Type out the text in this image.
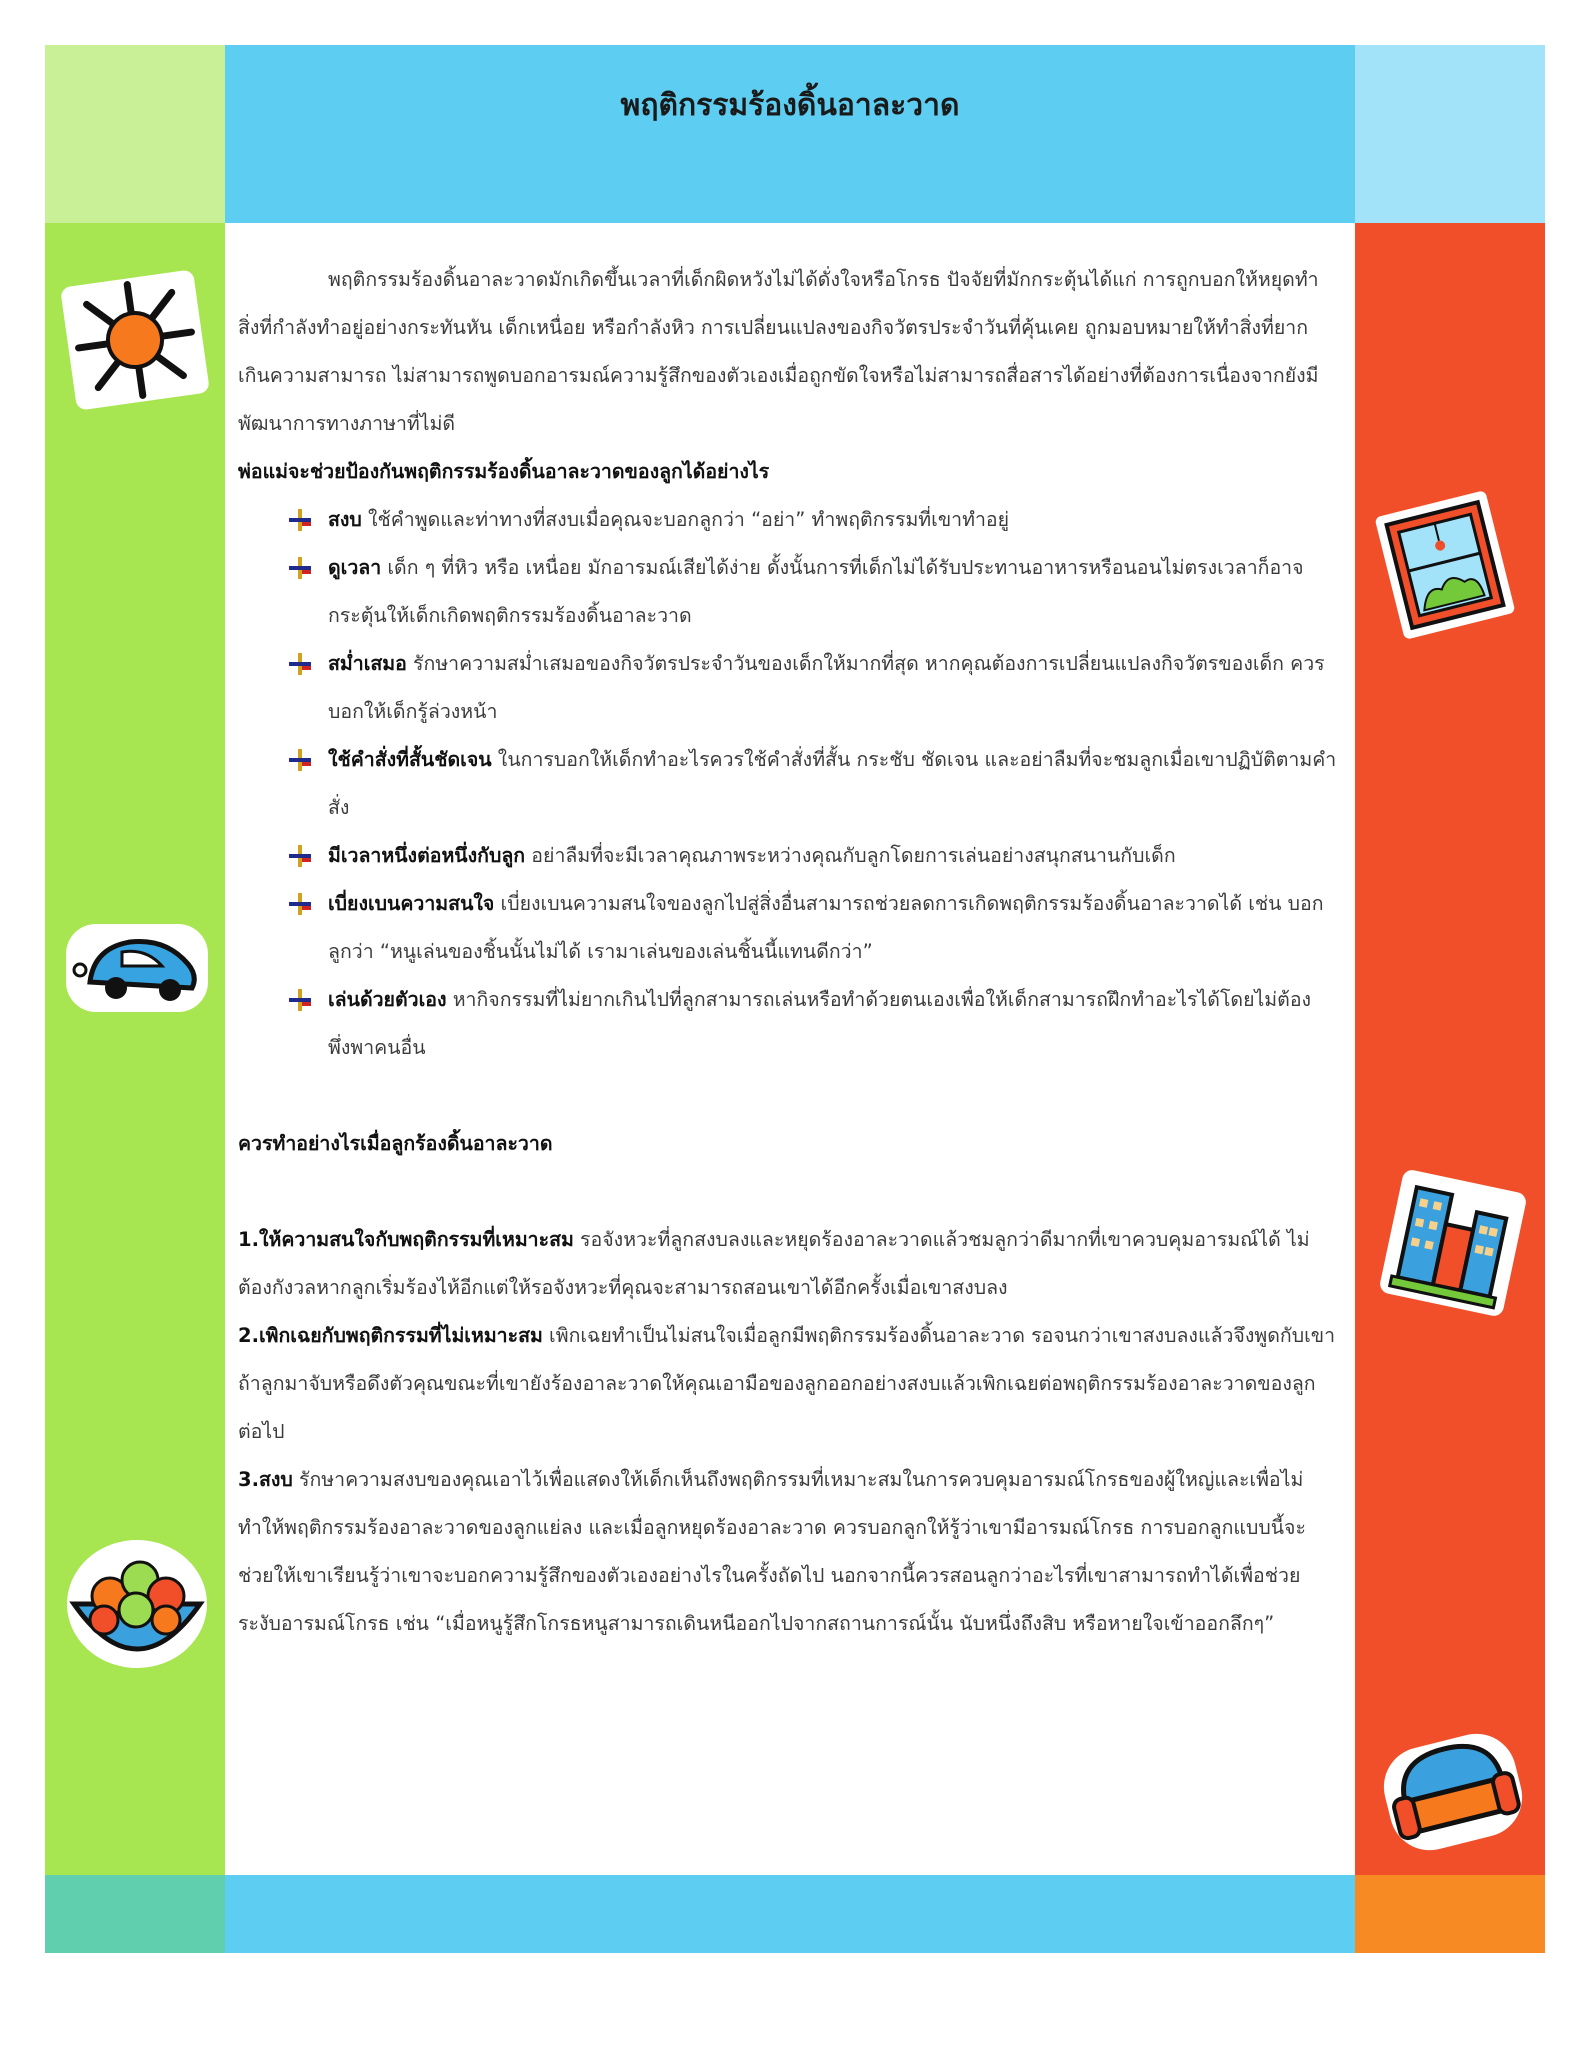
พฤติกรรมร้องดิ้นอาละวาด

พฤติกรรมร้องดิ้นอาละวาดมักเกิดขึ้นเวลาที่เด็กผิดหวังไม่ได้ดั่งใจหรือโกรธ ปัจจัยที่มักกระตุ้นได้แก่ การถูกบอกให้หยุดทำสิ่งที่กำลังทำอยู่อย่างกระทันหัน เด็กเหนื่อย หรือกำลังหิว การเปลี่ยนแปลงของกิจวัตรประจำวันที่คุ้นเคย ถูกมอบหมายให้ทำสิ่งที่ยากเกินความสามารถ ไม่สามารถพูดบอกอารมณ์ความรู้สึกของตัวเองเมื่อถูกขัดใจหรือไม่สามารถสื่อสารได้อย่างที่ต้องการเนื่องจากยังมีพัฒนาการทางภาษาที่ไม่ดี

พ่อแม่จะช่วยป้องกันพฤติกรรมร้องดิ้นอาละวาดของลูกได้อย่างไร

สงบ ใช้คำพูดและท่าทางที่สงบเมื่อคุณจะบอกลูกว่า “อย่า” ทำพฤติกรรมที่เขาทำอยู่
ดูเวลา เด็ก ๆ ที่หิว หรือ เหนื่อย มักอารมณ์เสียได้ง่าย ดั้งนั้นการที่เด็กไม่ได้รับประทานอาหารหรือนอนไม่ตรงเวลาก็อาจกระตุ้นให้เด็กเกิดพฤติกรรมร้องดิ้นอาละวาด
สม่ำเสมอ รักษาความสม่ำเสมอของกิจวัตรประจำวันของเด็กให้มากที่สุด หากคุณต้องการเปลี่ยนแปลงกิจวัตรของเด็ก ควรบอกให้เด็กรู้ล่วงหน้า
ใช้คำสั่งที่สั้นชัดเจน ในการบอกให้เด็กทำอะไรควรใช้คำสั่งที่สั้น กระชับ ชัดเจน และอย่าลืมที่จะชมลูกเมื่อเขาปฏิบัติตามคำสั่ง
มีเวลาหนึ่งต่อหนึ่งกับลูก อย่าลืมที่จะมีเวลาคุณภาพระหว่างคุณกับลูกโดยการเล่นอย่างสนุกสนานกับเด็ก
เบี่ยงเบนความสนใจ เบี่ยงเบนความสนใจของลูกไปสู่สิ่งอื่นสามารถช่วยลดการเกิดพฤติกรรมร้องดิ้นอาละวาดได้ เช่น บอกลูกว่า “หนูเล่นของชิ้นนั้นไม่ได้ เรามาเล่นของเล่นชิ้นนี้แทนดีกว่า”
เล่นด้วยตัวเอง หากิจกรรมที่ไม่ยากเกินไปที่ลูกสามารถเล่นหรือทำด้วยตนเองเพื่อให้เด็กสามารถฝึกทำอะไรได้โดยไม่ต้องพึ่งพาคนอื่น

ควรทำอย่างไรเมื่อลูกร้องดิ้นอาละวาด

1.ให้ความสนใจกับพฤติกรรมที่เหมาะสม รอจังหวะที่ลูกสงบลงและหยุดร้องอาละวาดแล้วชมลูกว่าดีมากที่เขาควบคุมอารมณ์ได้ ไม่ต้องกังวลหากลูกเริ่มร้องไห้อีกแต่ให้รอจังหวะที่คุณจะสามารถสอนเขาได้อีกครั้งเมื่อเขาสงบลง

2.เพิกเฉยกับพฤติกรรมที่ไม่เหมาะสม เพิกเฉยทำเป็นไม่สนใจเมื่อลูกมีพฤติกรรมร้องดิ้นอาละวาด รอจนกว่าเขาสงบลงแล้วจึงพูดกับเขา ถ้าลูกมาจับหรือดึงตัวคุณขณะที่เขายังร้องอาละวาดให้คุณเอามือของลูกออกอย่างสงบแล้วเพิกเฉยต่อพฤติกรรมร้องอาละวาดของลูกต่อไป

3.สงบ รักษาความสงบของคุณเอาไว้เพื่อแสดงให้เด็กเห็นถึงพฤติกรรมที่เหมาะสมในการควบคุมอารมณ์โกรธของผู้ใหญ่และเพื่อไม่ทำให้พฤติกรรมร้องอาละวาดของลูกแย่ลง และเมื่อลูกหยุดร้องอาละวาด ควรบอกลูกให้รู้ว่าเขามีอารมณ์โกรธ การบอกลูกแบบนี้จะช่วยให้เขาเรียนรู้ว่าเขาจะบอกความรู้สึกของตัวเองอย่างไรในครั้งถัดไป นอกจากนี้ควรสอนลูกว่าอะไรที่เขาสามารถทำได้เพื่อช่วยระงับอารมณ์โกรธ เช่น “เมื่อหนูรู้สึกโกรธหนูสามารถเดินหนีออกไปจากสถานการณ์นั้น นับหนึ่งถึงสิบ หรือหายใจเข้าออกลึกๆ”
